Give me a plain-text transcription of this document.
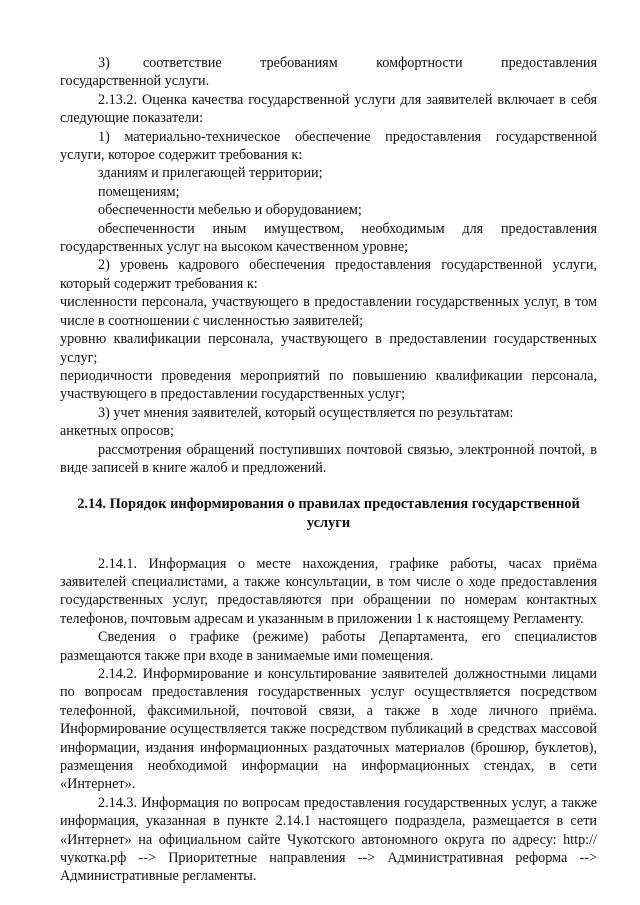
3) соответствие требованиям комфортности предоставления государственной услуги.

2.13.2. Оценка качества государственной услуги для заявителей включает в себя следующие показатели:

1) материально-техническое обеспечение предоставления государственной услуги, которое содержит требования к:

зданиям и прилегающей территории;

помещениям;

обеспеченности мебелью и оборудованием;

обеспеченности иным имуществом, необходимым для предоставления государственных услуг на высоком качественном уровне;

2) уровень кадрового обеспечения предоставления государственной услуги, который содержит требования к:

численности персонала, участвующего в предоставлении государственных услуг, в том числе в соотношении с численностью заявителей;

уровню квалификации персонала, участвующего в предоставлении государственных услуг;

периодичности проведения мероприятий по повышению квалификации персонала, участвующего в предоставлении государственных услуг;

3) учет мнения заявителей, который осуществляется по результатам:

анкетных опросов;

рассмотрения обращений поступивших почтовой связью, электронной почтой, в виде записей в книге жалоб и предложений.

2.14. Порядок информирования о правилах предоставления государственной услуги

2.14.1. Информация о месте нахождения, графике работы, часах приёма заявителей специалистами, а также консультации, в том числе о ходе предоставления государственных услуг, предоставляются при обращении по номерам контактных телефонов, почтовым адресам и указанным в приложении 1 к настоящему Регламенту.

Сведения о графике (режиме) работы Департамента, его специалистов размещаются также при входе в занимаемые ими помещения.

2.14.2. Информирование и консультирование заявителей должностными лицами по вопросам предоставления государственных услуг осуществляется посредством телефонной, факсимильной, почтовой связи, а также в ходе личного приёма. Информирование осуществляется также посредством публикаций в средствах массовой информации, издания информационных раздаточных материалов (брошюр, буклетов), размещения необходимой информации на информационных стендах, в сети «Интернет».

2.14.3. Информация по вопросам предоставления государственных услуг, а также информация, указанная в пункте 2.14.1 настоящего подраздела, размещается в сети «Интернет» на официальном сайте Чукотского автономного округа по адресу: http://чукотка.рф --> Приоритетные направления --> Административная реформа --> Административные регламенты.
